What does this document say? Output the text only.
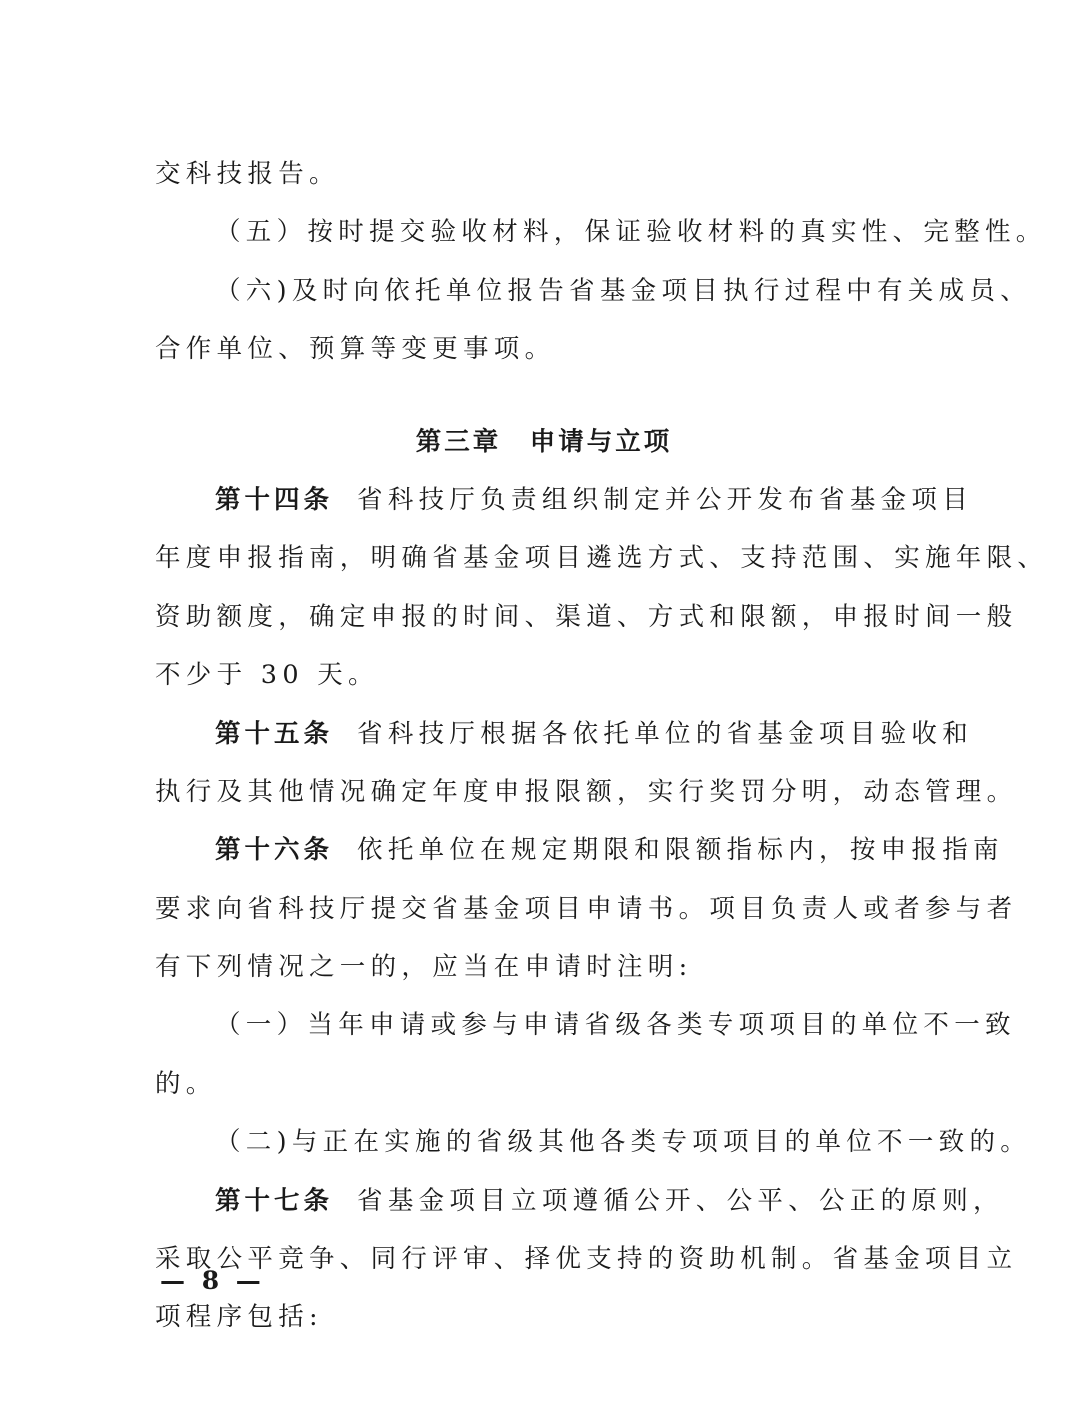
交科技报告。
（五）按时提交验收材料，保证验收材料的真实性、完整性。
（六)及时向依托单位报告省基金项目执行过程中有关成员、
合作单位、预算等变更事项。
第三章　申请与立项
第十四条 省科技厅负责组织制定并公开发布省基金项目
年度申报指南，明确省基金项目遴选方式、支持范围、实施年限、
资助额度，确定申报的时间、渠道、方式和限额，申报时间一般
不少于 30 天。
第十五条 省科技厅根据各依托单位的省基金项目验收和
执行及其他情况确定年度申报限额，实行奖罚分明，动态管理。
第十六条 依托单位在规定期限和限额指标内，按申报指南
要求向省科技厅提交省基金项目申请书。项目负责人或者参与者
有下列情况之一的，应当在申请时注明:
（一）当年申请或参与申请省级各类专项项目的单位不一致
的。
（二)与正在实施的省级其他各类专项项目的单位不一致的。
第十七条 省基金项目立项遵循公开、公平、公正的原则，
采取公平竞争、同行评审、择优支持的资助机制。省基金项目立
项程序包括:
— 8 —
